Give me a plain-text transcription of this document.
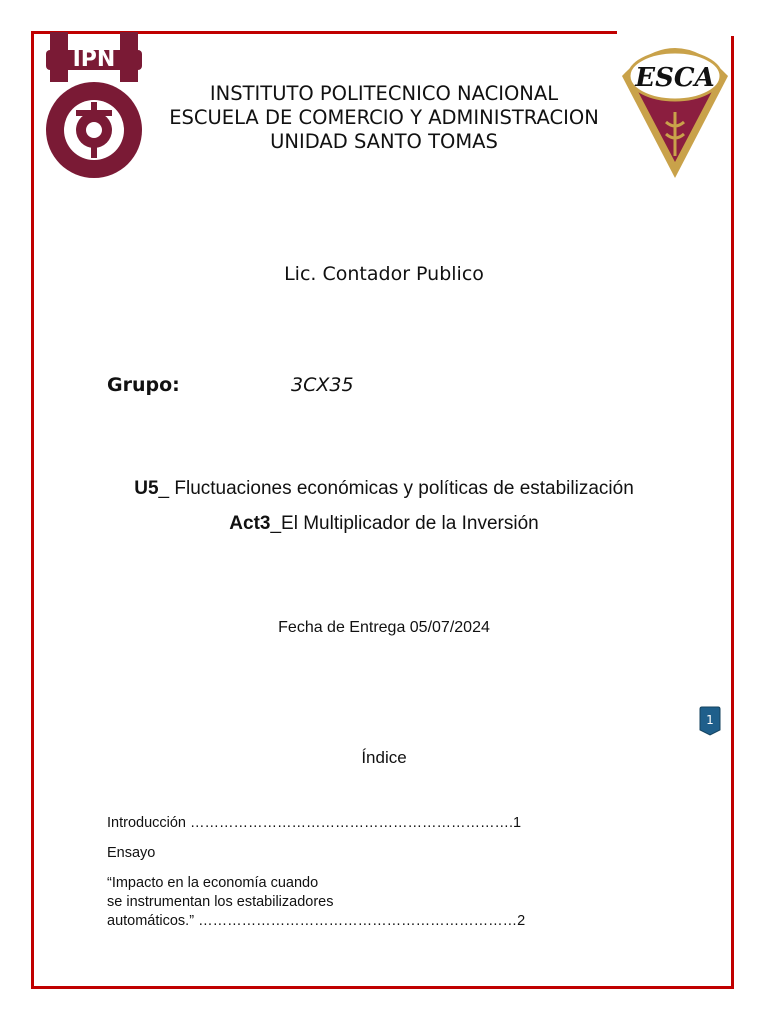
IPN
ESCA
INSTITUTO POLITECNICO NACIONAL
ESCUELA DE COMERCIO Y ADMINISTRACION
UNIDAD SANTO TOMAS
Lic. Contador Publico
Grupo:	3CX35
U5_ Fluctuaciones económicas y políticas de estabilización
Act3_El Multiplicador de la Inversión
Fecha de Entrega 05/07/2024
1
Índice
Introducción ………………………………………………………….1
Ensayo
“Impacto en la economía cuando
se instrumentan los estabilizadores
automáticos.” …………………………………………………………2
